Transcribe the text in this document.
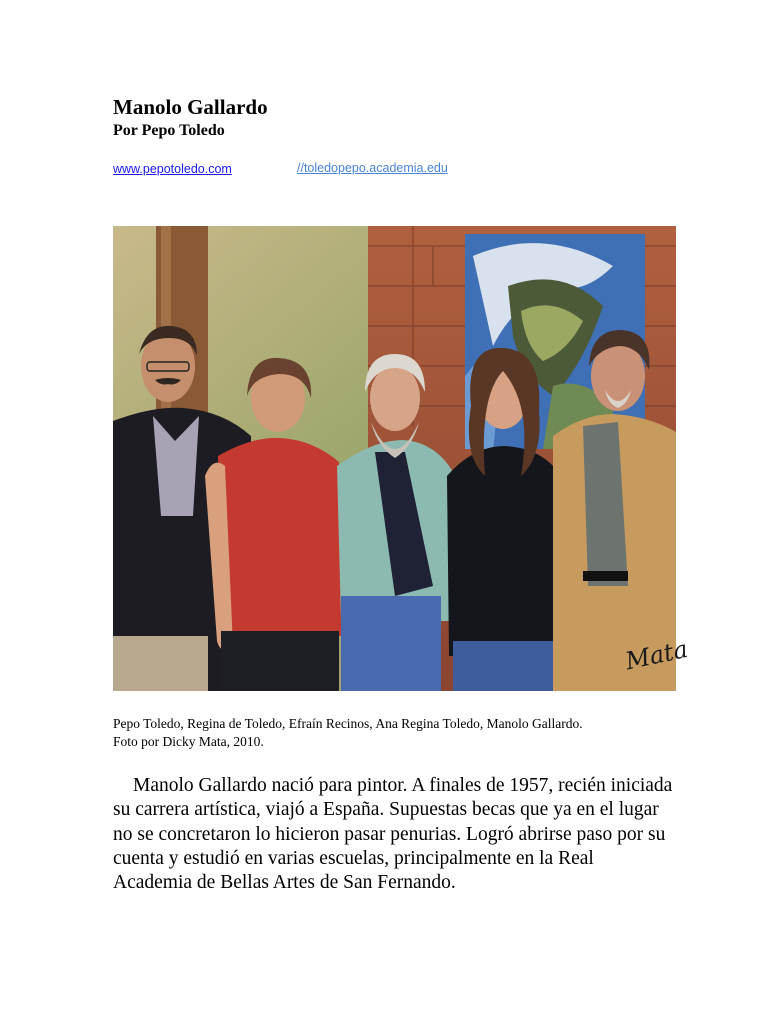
Manolo Gallardo
Por Pepo Toledo
www.pepotoledo.com	//toledopepo.academia.edu
Mata
Pepo Toledo, Regina de Toledo, Efraín Recinos, Ana Regina Toledo, Manolo Gallardo.
Foto por Dicky Mata, 2010.

Manolo Gallardo nació para pintor. A finales de 1957, recién iniciada su carrera artística, viajó a España. Supuestas becas que ya en el lugar no se concretaron lo hicieron pasar penurias. Logró abrirse paso por su cuenta y estudió en varias escuelas, principalmente en la Real Academia de Bellas Artes de San Fernando.
